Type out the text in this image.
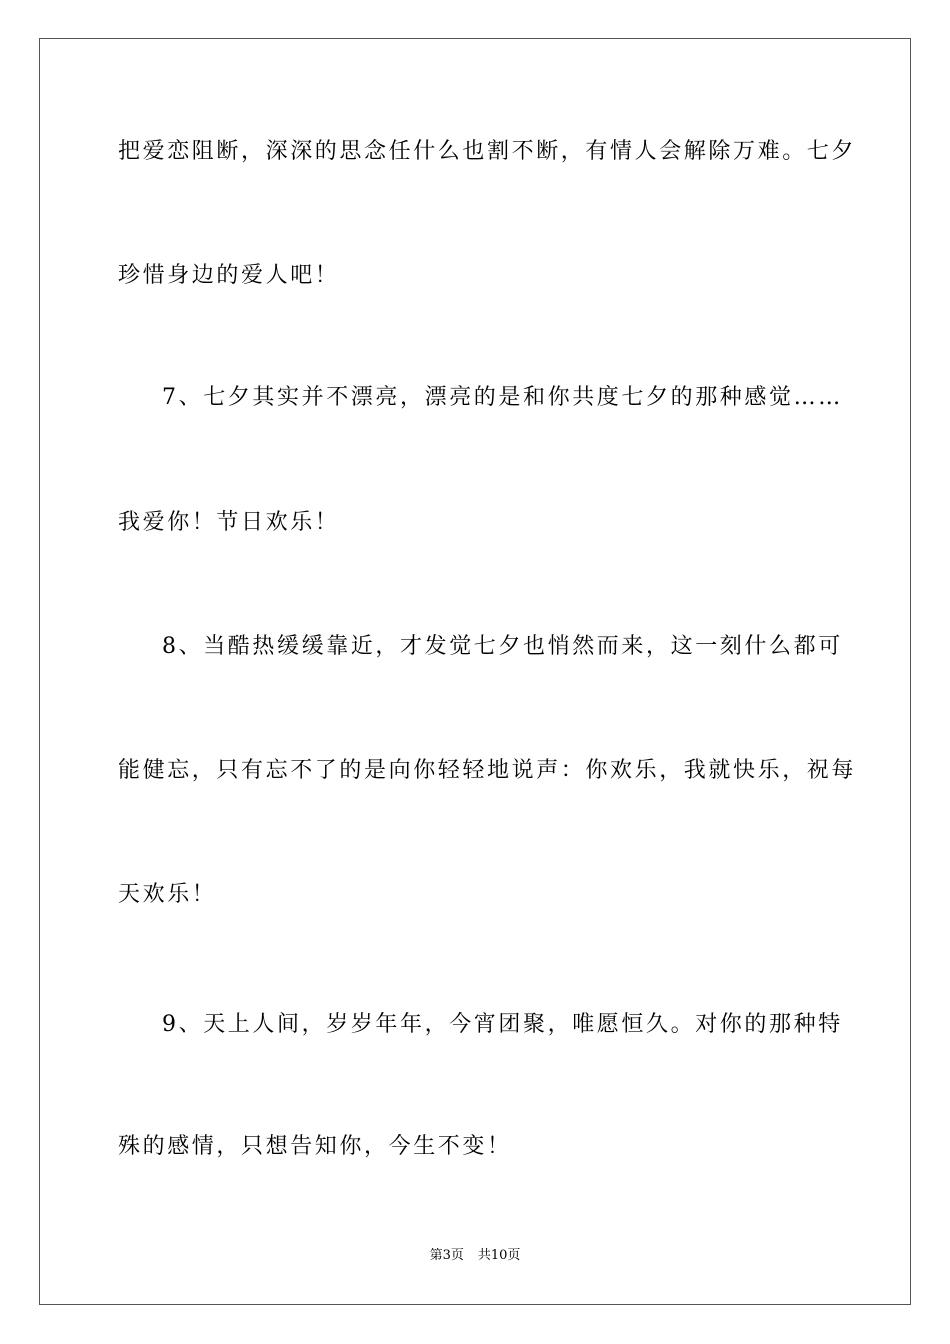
把爱恋阻断，深深的思念任什么也割不断，有情人会解除万难。七夕
珍惜身边的爱人吧！
7、七夕其实并不漂亮，漂亮的是和你共度七夕的那种感觉……
我爱你！节日欢乐！
8、当酷热缓缓靠近，才发觉七夕也悄然而来，这一刻什么都可
能健忘，只有忘不了的是向你轻轻地说声：你欢乐，我就快乐，祝每
天欢乐！
9、天上人间，岁岁年年，今宵团聚，唯愿恒久。对你的那种特
殊的感情，只想告知你，今生不变！
第3页 共10页
